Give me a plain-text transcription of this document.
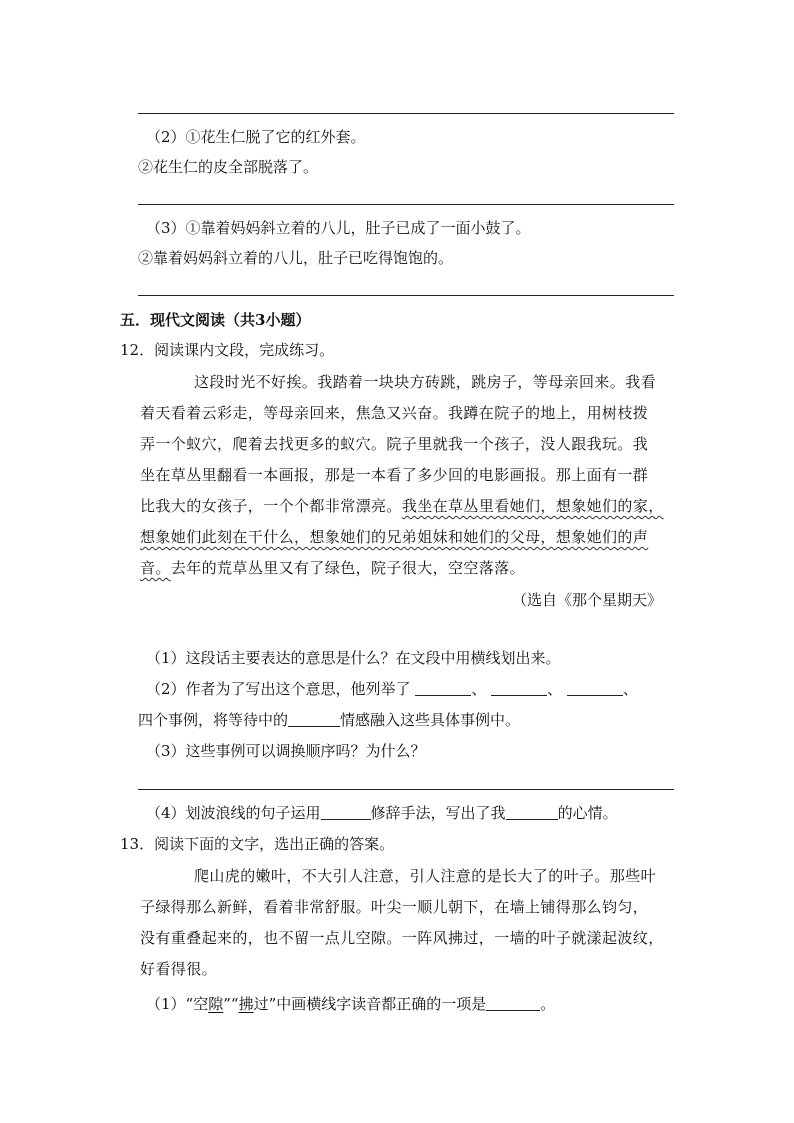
（2）①花生仁脱了它的红外套。
②花生仁的皮全部脱落了。
（3）①靠着妈妈斜立着的八儿，肚子已成了一面小鼓了。
②靠着妈妈斜立着的八儿，肚子已吃得饱饱的。
五．现代文阅读（共3小题）
12．阅读课内文段，完成练习。
这段时光不好挨。我踏着一块块方砖跳，跳房子，等母亲回来。我看
着天看着云彩走，等母亲回来，焦急又兴奋。我蹲在院子的地上，用树枝拨
弄一个蚁穴，爬着去找更多的蚁穴。院子里就我一个孩子，没人跟我玩。我
坐在草丛里翻看一本画报，那是一本看了多少回的电影画报。那上面有一群
比我大的女孩子，一个个都非常漂亮。我坐在草丛里看她们，想象她们的家，
想象她们此刻在干什么，想象她们的兄弟姐妹和她们的父母，想象她们的声
音。去年的荒草丛里又有了绿色，院子很大，空空落落。
（选自《那个星期天》
（1）这段话主要表达的意思是什么？在文段中用横线划出来。
（2）作者为了写出这个意思，他列举了	、	、	、
四个事例，将等待中的	情感融入这些具体事例中。
（3）这些事例可以调换顺序吗？为什么？
（4）划波浪线的句子运用	修辞手法，写出了我	的心情。
13．阅读下面的文字，选出正确的答案。
爬山虎的嫩叶，不大引人注意，引人注意的是长大了的叶子。那些叶
子绿得那么新鲜，看着非常舒服。叶尖一顺儿朝下，在墙上铺得那么钧匀，
没有重叠起来的，也不留一点儿空隙。一阵风拂过，一墙的叶子就漾起波纹，
好看得很。
（1）“空隙”“拂过”中画横线字读音都正确的一项是	。
